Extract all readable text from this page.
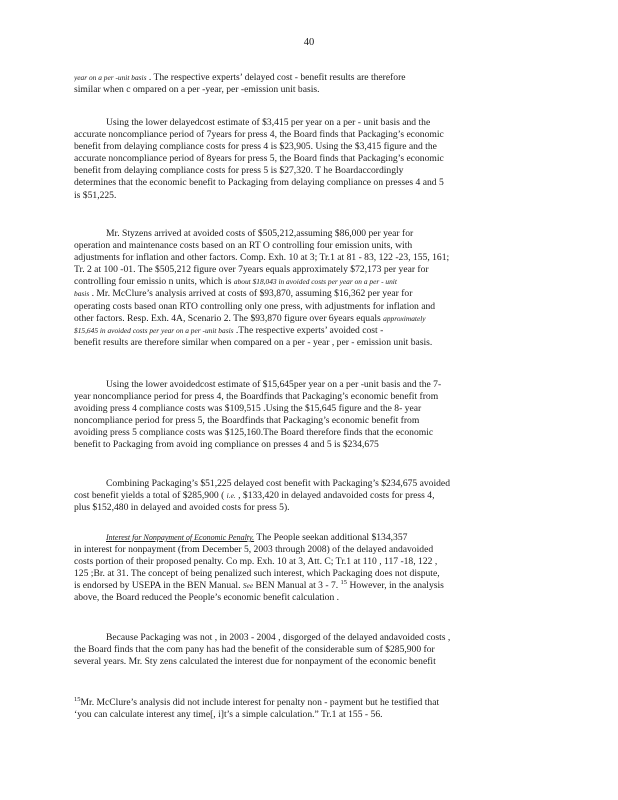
40
year on a per -unit basis . The respective experts’ delayed cost - benefit results are therefore
similar when c ompared on a per -year, per -emission unit basis.
Using the lower delayedcost estimate of $3,415 per year on a per - unit basis and the
accurate noncompliance period of 7years for press 4, the Board finds that Packaging’s economic
benefit from delaying compliance costs for press 4 is $23,905. Using the $3,415 figure and the
accurate noncompliance period of 8years for press 5, the Board finds that Packaging’s economic
benefit from delaying compliance costs for press 5 is $27,320. T he Boardaccordingly
determines that the economic benefit to Packaging from delaying compliance on presses 4 and 5
is $51,225.
Mr. Styzens arrived at avoided costs of $505,212,assuming $86,000 per year for
operation and maintenance costs based on an RT O controlling four emission units, with
adjustments for inflation and other factors. Comp. Exh. 10 at 3; Tr.1 at 81 - 83, 122 -23, 155, 161;
Tr. 2 at 100 -01. The $505,212 figure over 7years equals approximately $72,173 per year for
controlling four emissio n units, which is about $18,043 in avoided costs per year on a per - unit
basis . Mr. McClure’s analysis arrived at costs of $93,870, assuming $16,362 per year for
operating costs based onan RTO controlling only one press, with adjustments for inflation and
other factors. Resp. Exh. 4A, Scenario 2. The $93,870 figure over 6years equals approximately
$15,645 in avoided costs per year on a per -unit basis .The respective experts’ avoided cost -
benefit results are therefore similar when compared on a per - year , per - emission unit basis.
Using the lower avoidedcost estimate of $15,645per year on a per -unit basis and the 7-
year noncompliance period for press 4, the Boardfinds that Packaging’s economic benefit from
avoiding press 4 compliance costs was $109,515 .Using the $15,645 figure and the 8- year
noncompliance period for press 5, the Boardfinds that Packaging’s economic benefit from
avoiding press 5 compliance costs was $125,160.The Board therefore finds that the economic
benefit to Packaging from avoid ing compliance on presses 4 and 5 is $234,675
Combining Packaging’s $51,225 delayed cost benefit with Packaging’s $234,675 avoided
cost benefit yields a total of $285,900 ( i.e. , $133,420 in delayed andavoided costs for press 4,
plus $152,480 in delayed and avoided costs for press 5).
Interest for Nonpayment of Economic Penalty. The People seekan additional $134,357
in interest for nonpayment (from December 5, 2003 through 2008) of the delayed andavoided
costs portion of their proposed penalty. Co mp. Exh. 10 at 3, Att. C; Tr.1 at 110 , 117 -18, 122 ,
125 ;Br. at 31. The concept of being penalized such interest, which Packaging does not dispute,
is endorsed by USEPA in the BEN Manual. See BEN Manual at 3 - 7. $^{15}$ However, in the analysis
above, the Board reduced the People’s economic benefit calculation .
Because Packaging was not , in 2003 - 2004 , disgorged of the delayed andavoided costs ,
the Board finds that the com pany has had the benefit of the considerable sum of $285,900 for
several years. Mr. Sty zens calculated the interest due for nonpayment of the economic benefit
$^{15}$Mr. McClure’s analysis did not include interest for penalty non - payment but he testified that
‘you can calculate interest any time[, i]t’s a simple calculation.” Tr.1 at 155 - 56.
